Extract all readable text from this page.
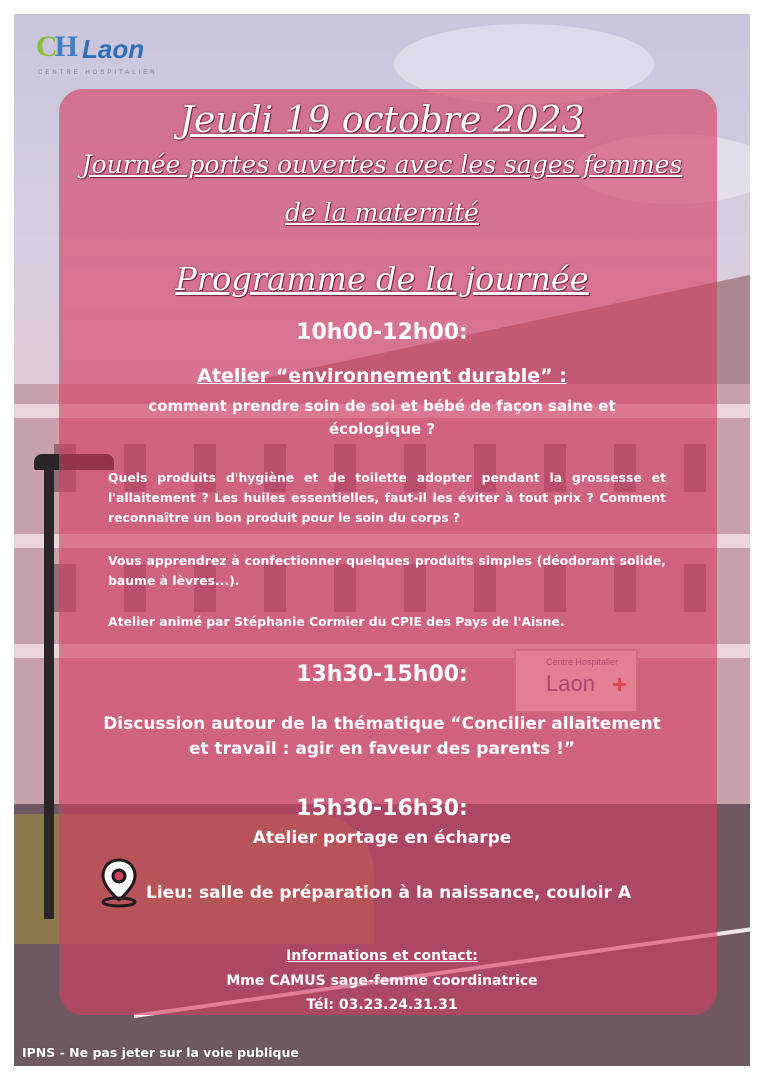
CH Laon
CENTRE HOSPITALIER
Jeudi 19 octobre 2023
Journée portes ouvertes avec les sages femmes
de la maternité
Programme de la journée
10h00-12h00:
Atelier “environnement durable” :
comment prendre soin de soi et bébé de façon saine et écologique ?
Quels produits d'hygiène et de toilette adopter pendant la grossesse et l'allaitement ? Les huiles essentielles, faut-il les éviter à tout prix ? Comment reconnaître un bon produit pour le soin du corps ?
Vous apprendrez à confectionner quelques produits simples (déodorant solide, baume à lèvres...).
Atelier animé par Stéphanie Cormier du CPIE des Pays de l'Aisne.
13h30-15h00:
Discussion autour de la thématique “Concilier allaitement et travail : agir en faveur des parents !”
15h30-16h30:
Atelier portage en écharpe
Lieu: salle de préparation à la naissance, couloir A
Informations et contact:
Mme CAMUS sage-femme coordinatrice
Tél: 03.23.24.31.31
IPNS - Ne pas jeter sur la voie publique
